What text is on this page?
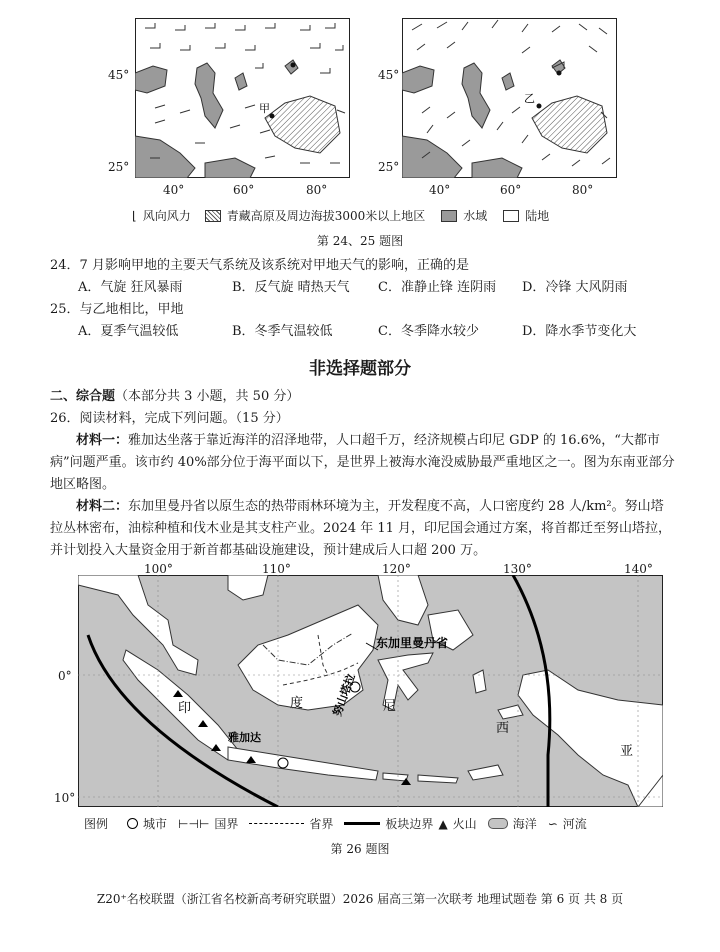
甲
45°
25°
40°	60°	80°
乙
45°
25°
40°	60°	80°
⌊ 风向风力	青藏高原及周边海拔3000米以上地区	水域	陆地
第 24、25 题图
24．7 月影响甲地的主要天气系统及该系统对甲地天气的影响，正确的是
A．气旋 狂风暴雨	B．反气旋 晴热天气 C．准静止锋 连阴雨 D．冷锋 大风阴雨
25．与乙地相比，甲地
A．夏季气温较低	B．冬季气温较低	C．冬季降水较少	D．降水季节变化大
非选择题部分
二、综合题（本部分共 3 小题，共 50 分）
26．阅读材料，完成下列问题。（15 分）
材料一：雅加达坐落于靠近海洋的沼泽地带，人口超千万，经济规模占印尼 GDP 的 16.6%，“大都市病”问题严重。该市约 40%部分位于海平面以下，是世界上被海水淹没威胁最严重地区之一。图为东南亚部分地区略图。
材料二：东加里曼丹省以原生态的热带雨林环境为主，开发程度不高，人口密度约 28 人/km²。努山塔拉丛林密布，油棕种植和伐木业是其支柱产业。2024 年 11 月，印尼国会通过方案，将首都迁至努山塔拉，并计划投入大量资金用于新首都基础设施建设，预计建成后人口超 200 万。
东加里曼丹省
努山塔拉
雅加达
印	度	尼
西
亚
100°	110°	120°	130°	140°
0°
10°
图例	城市 ⊢⊣⊢ 国界	省界	板块边界 ▲ 火山	海洋 ∽ 河流
第 26 题图
Z20⁺名校联盟（浙江省名校新高考研究联盟）2026 届高三第一次联考 地理试题卷 第 6 页 共 8 页
